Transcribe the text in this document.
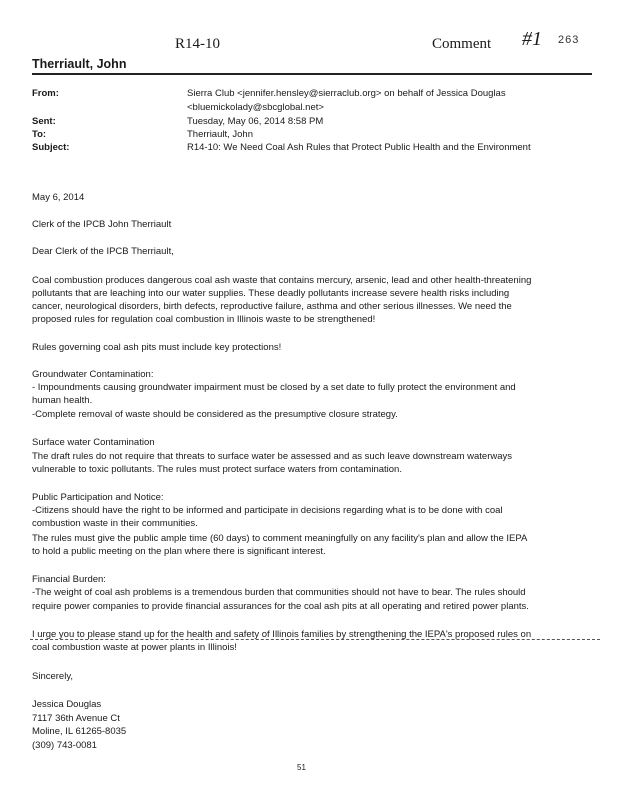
R14-10	Comment #1 263
Therriault, John
From:	Sierra Club <jennifer.hensley@sierraclub.org> on behalf of Jessica Douglas
<bluemickolady@sbcglobal.net>
Sent:	Tuesday, May 06, 2014 8:58 PM
To:	Therriault, John
Subject:	R14-10: We Need Coal Ash Rules that Protect Public Health and the Environment
May 6, 2014
Clerk of the IPCB John Therriault
Dear Clerk of the IPCB Therriault,
Coal combustion produces dangerous coal ash waste that contains mercury, arsenic, lead and other health-threatening
pollutants that are leaching into our water supplies. These deadly pollutants increase severe health risks including
cancer, neurological disorders, birth defects, reproductive failure, asthma and other serious illnesses. We need the
proposed rules for regulation coal combustion in Illinois waste to be strengthened!
Rules governing coal ash pits must include key protections!
Groundwater Contamination:
- Impoundments causing groundwater impairment must be closed by a set date to fully protect the environment and
human health.
-Complete removal of waste should be considered as the presumptive closure strategy.
Surface water Contamination
The draft rules do not require that threats to surface water be assessed and as such leave downstream waterways
vulnerable to toxic pollutants. The rules must protect surface waters from contamination.
Public Participation and Notice:
-Citizens should have the right to be informed and participate in decisions regarding what is to be done with coal
combustion waste in their communities.
The rules must give the public ample time (60 days) to comment meaningfully on any facility's plan and allow the IEPA
to hold a public meeting on the plan where there is significant interest.
Financial Burden:
-The weight of coal ash problems is a tremendous burden that communities should not have to bear. The rules should
require power companies to provide financial assurances for the coal ash pits at all operating and retired power plants.
I urge you to please stand up for the health and safety of Illinois families by strengthening the IEPA's proposed rules on
coal combustion waste at power plants in Illinois!
Sincerely,
Jessica Douglas
7117 36th Avenue Ct
Moline, IL 61265-8035
(309) 743-0081
51
